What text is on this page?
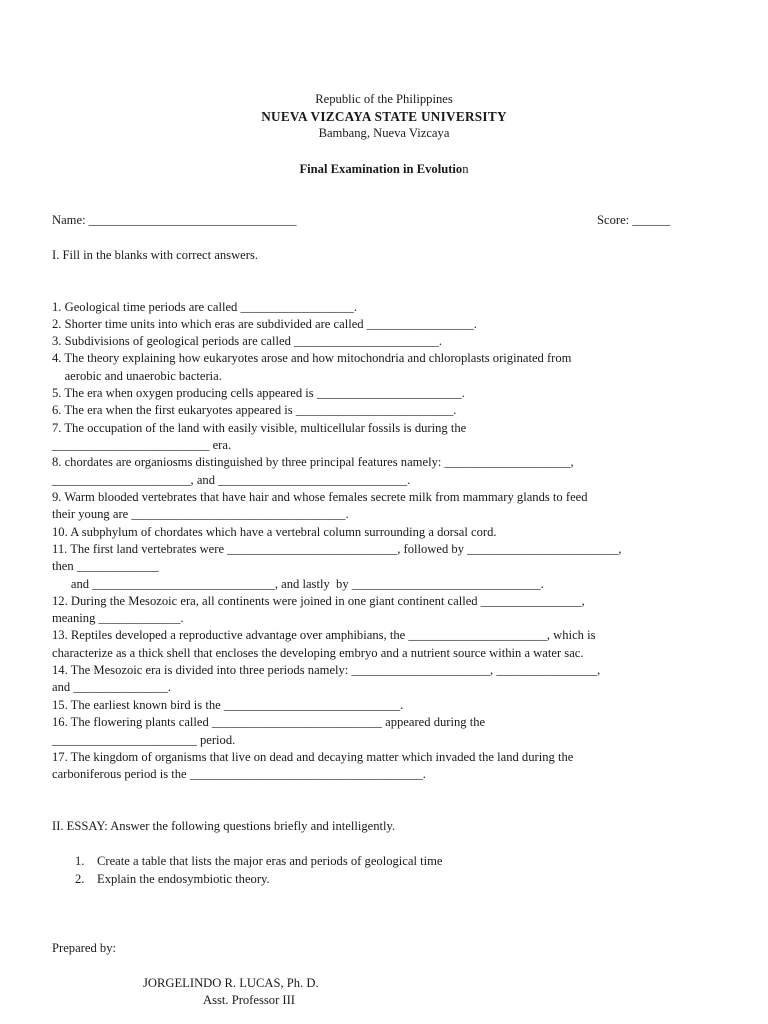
Republic of the Philippines
NUEVA VIZCAYA STATE UNIVERSITY
Bambang, Nueva Vizcaya
Final Examination in Evolution
Name: _________________________________	Score: ______
I. Fill in the blanks with correct answers.
1. Geological time periods are called __________________.
2. Shorter time units into which eras are subdivided are called _________________.
3. Subdivisions of geological periods are called _______________________.
4. The theory explaining how eukaryotes arose and how mitochondria and chloroplasts originated from
aerobic and unaerobic bacteria.
5. The era when oxygen producing cells appeared is _______________________.
6. The era when the first eukaryotes appeared is _________________________.
7. The occupation of the land with easily visible, multicellular fossils is during the
_________________________ era.
8. chordates are organiosms distinguished by three principal features namely: ____________________,
______________________, and ______________________________.
9. Warm blooded vertebrates that have hair and whose females secrete milk from mammary glands to feed
their young are __________________________________.
10. A subphylum of chordates which have a vertebral column surrounding a dorsal cord.
11. The first land vertebrates were ___________________________, followed by ________________________,
then _____________
and _____________________________, and lastly  by ______________________________.
12. During the Mesozoic era, all continents were joined in one giant continent called ________________,
meaning _____________.
13. Reptiles developed a reproductive advantage over amphibians, the ______________________, which is
characterize as a thick shell that encloses the developing embryo and a nutrient source within a water sac.
14. The Mesozoic era is divided into three periods namely: ______________________, ________________,
and _______________.
15. The earliest known bird is the ____________________________.
16. The flowering plants called ___________________________ appeared during the
_______________________ period.
17. The kingdom of organisms that live on dead and decaying matter which invaded the land during the
carboniferous period is the _____________________________________.
II. ESSAY: Answer the following questions briefly and intelligently.
1. Create a table that lists the major eras and periods of geological time
2. Explain the endosymbiotic theory.
Prepared by:
JORGELINDO R. LUCAS, Ph. D.
Asst. Professor III
